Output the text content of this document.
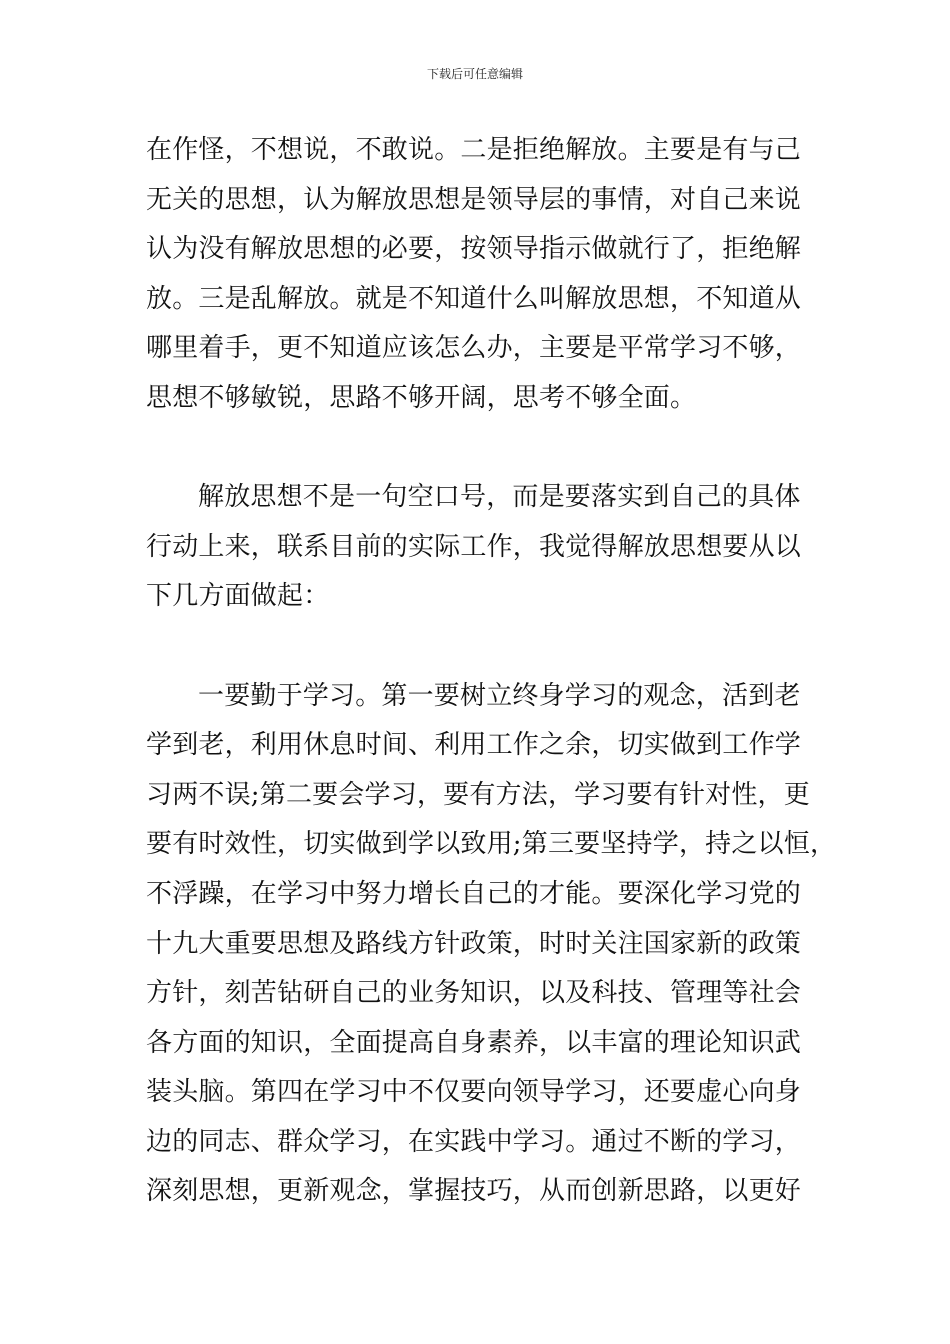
下载后可任意编辑

在作怪，不想说，不敢说。二是拒绝解放。主要是有与己
无关的思想，认为解放思想是领导层的事情，对自己来说
认为没有解放思想的必要，按领导指示做就行了，拒绝解
放。三是乱解放。就是不知道什么叫解放思想，不知道从
哪里着手，更不知道应该怎么办，主要是平常学习不够，
思想不够敏锐，思路不够开阔，思考不够全面。

解放思想不是一句空口号，而是要落实到自己的具体
行动上来，联系目前的实际工作，我觉得解放思想要从以
下几方面做起：

一要勤于学习。第一要树立终身学习的观念，活到老
学到老，利用休息时间、利用工作之余，切实做到工作学
习两不误;第二要会学习，要有方法，学习要有针对性，更
要有时效性，切实做到学以致用;第三要坚持学，持之以恒，
不浮躁，在学习中努力增长自己的才能。要深化学习党的
十九大重要思想及路线方针政策，时时关注国家新的政策
方针，刻苦钻研自己的业务知识，以及科技、管理等社会
各方面的知识，全面提高自身素养，以丰富的理论知识武
装头脑。第四在学习中不仅要向领导学习，还要虚心向身
边的同志、群众学习，在实践中学习。通过不断的学习，
深刻思想，更新观念，掌握技巧，从而创新思路，以更好
